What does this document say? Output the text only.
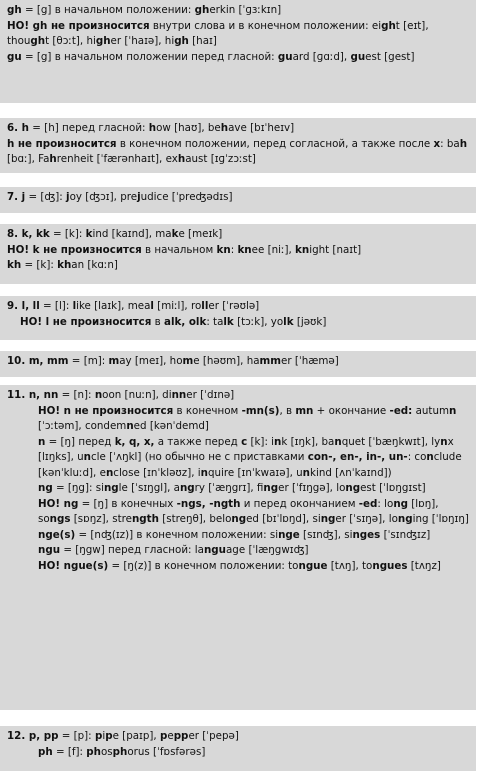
gh = [g] в начальном положении: gherkin [ˈɡɜːkɪn]
HO! gh не произносится внутри слова и в конечном положении: eight [eɪt], thought [θɔːt], higher [ˈhaɪə], high [haɪ]
gu = [g] в начальном положении перед гласной: guard [ɡɑːd], guest [gest]
6. h = [h] перед гласной: how [haʊ], behave [bɪˈheɪv]
h не произносится в конечном положении, перед согласной, а также после x: bah [bɑː], Fahrenheit [ˈfærənhaɪt], exhaust [ɪɡˈzɔːst]
7. j = [ʤ]: joy [ʤɔɪ], prejudice [ˈpreʤədɪs]
8. k, kk = [k]: kind [kaɪnd], make [meɪk]
HO! k не произносится в начальном kn: knee [niː], knight [naɪt]
kh = [k]: khan [kɑːn]
9. l, ll = [l]: like [laɪk], meal [miːl], roller [ˈrəʊlə]
HO! l не произносится в alk, olk: talk [tɔːk], yolk [jəʊk]
10. m, mm = [m]: may [meɪ], home [həʊm], hammer [ˈhæmə]
11. n, nn = [n]: noon [nuːn], dinner [ˈdɪnə]
HO! n не произносится в конечном -mn(s), в mn + окончание -ed: autumn [ˈɔːtəm], condemned [kənˈdemd]
n = [ŋ] перед k, q, x, а также перед c [k]: ink [ɪŋk], banquet [ˈbæŋkwɪt], lynx [lɪŋks], uncle [ˈʌŋkl] (но обычно не с приставками con-, en-, in-, un-: conclude [kənˈkluːd], enclose [ɪnˈkləʊz], inquire [ɪnˈkwaɪə], unkind [ʌnˈkaɪnd])
ng = [ŋg]: single [ˈsɪŋgl], angry [ˈæŋgrɪ], finger [ˈfɪŋgə], longest [ˈlɒŋgɪst]
HO! ng = [ŋ] в конечных -ngs, -ngth и перед окончанием -ed: long [lɒŋ], songs [sɒŋz], strength [streŋθ], belonged [bɪˈlɒŋd], singer [ˈsɪŋə], longing [ˈlɒŋɪŋ]
nge(s) = [nʤ(ɪz)] в конечном положении: singe [sɪnʤ], singes [ˈsɪnʤɪz]
ngu = [ŋgw] перед гласной: language [ˈlæŋgwɪʤ]
HO! ngue(s) = [ŋ(z)] в конечном положении: tongue [tʌŋ], tongues [tʌŋz]
12. p, pp = [p]: pipe [paɪp], pepper [ˈpepə]
ph = [f]: phosphorus [ˈfɒsfərəs]
